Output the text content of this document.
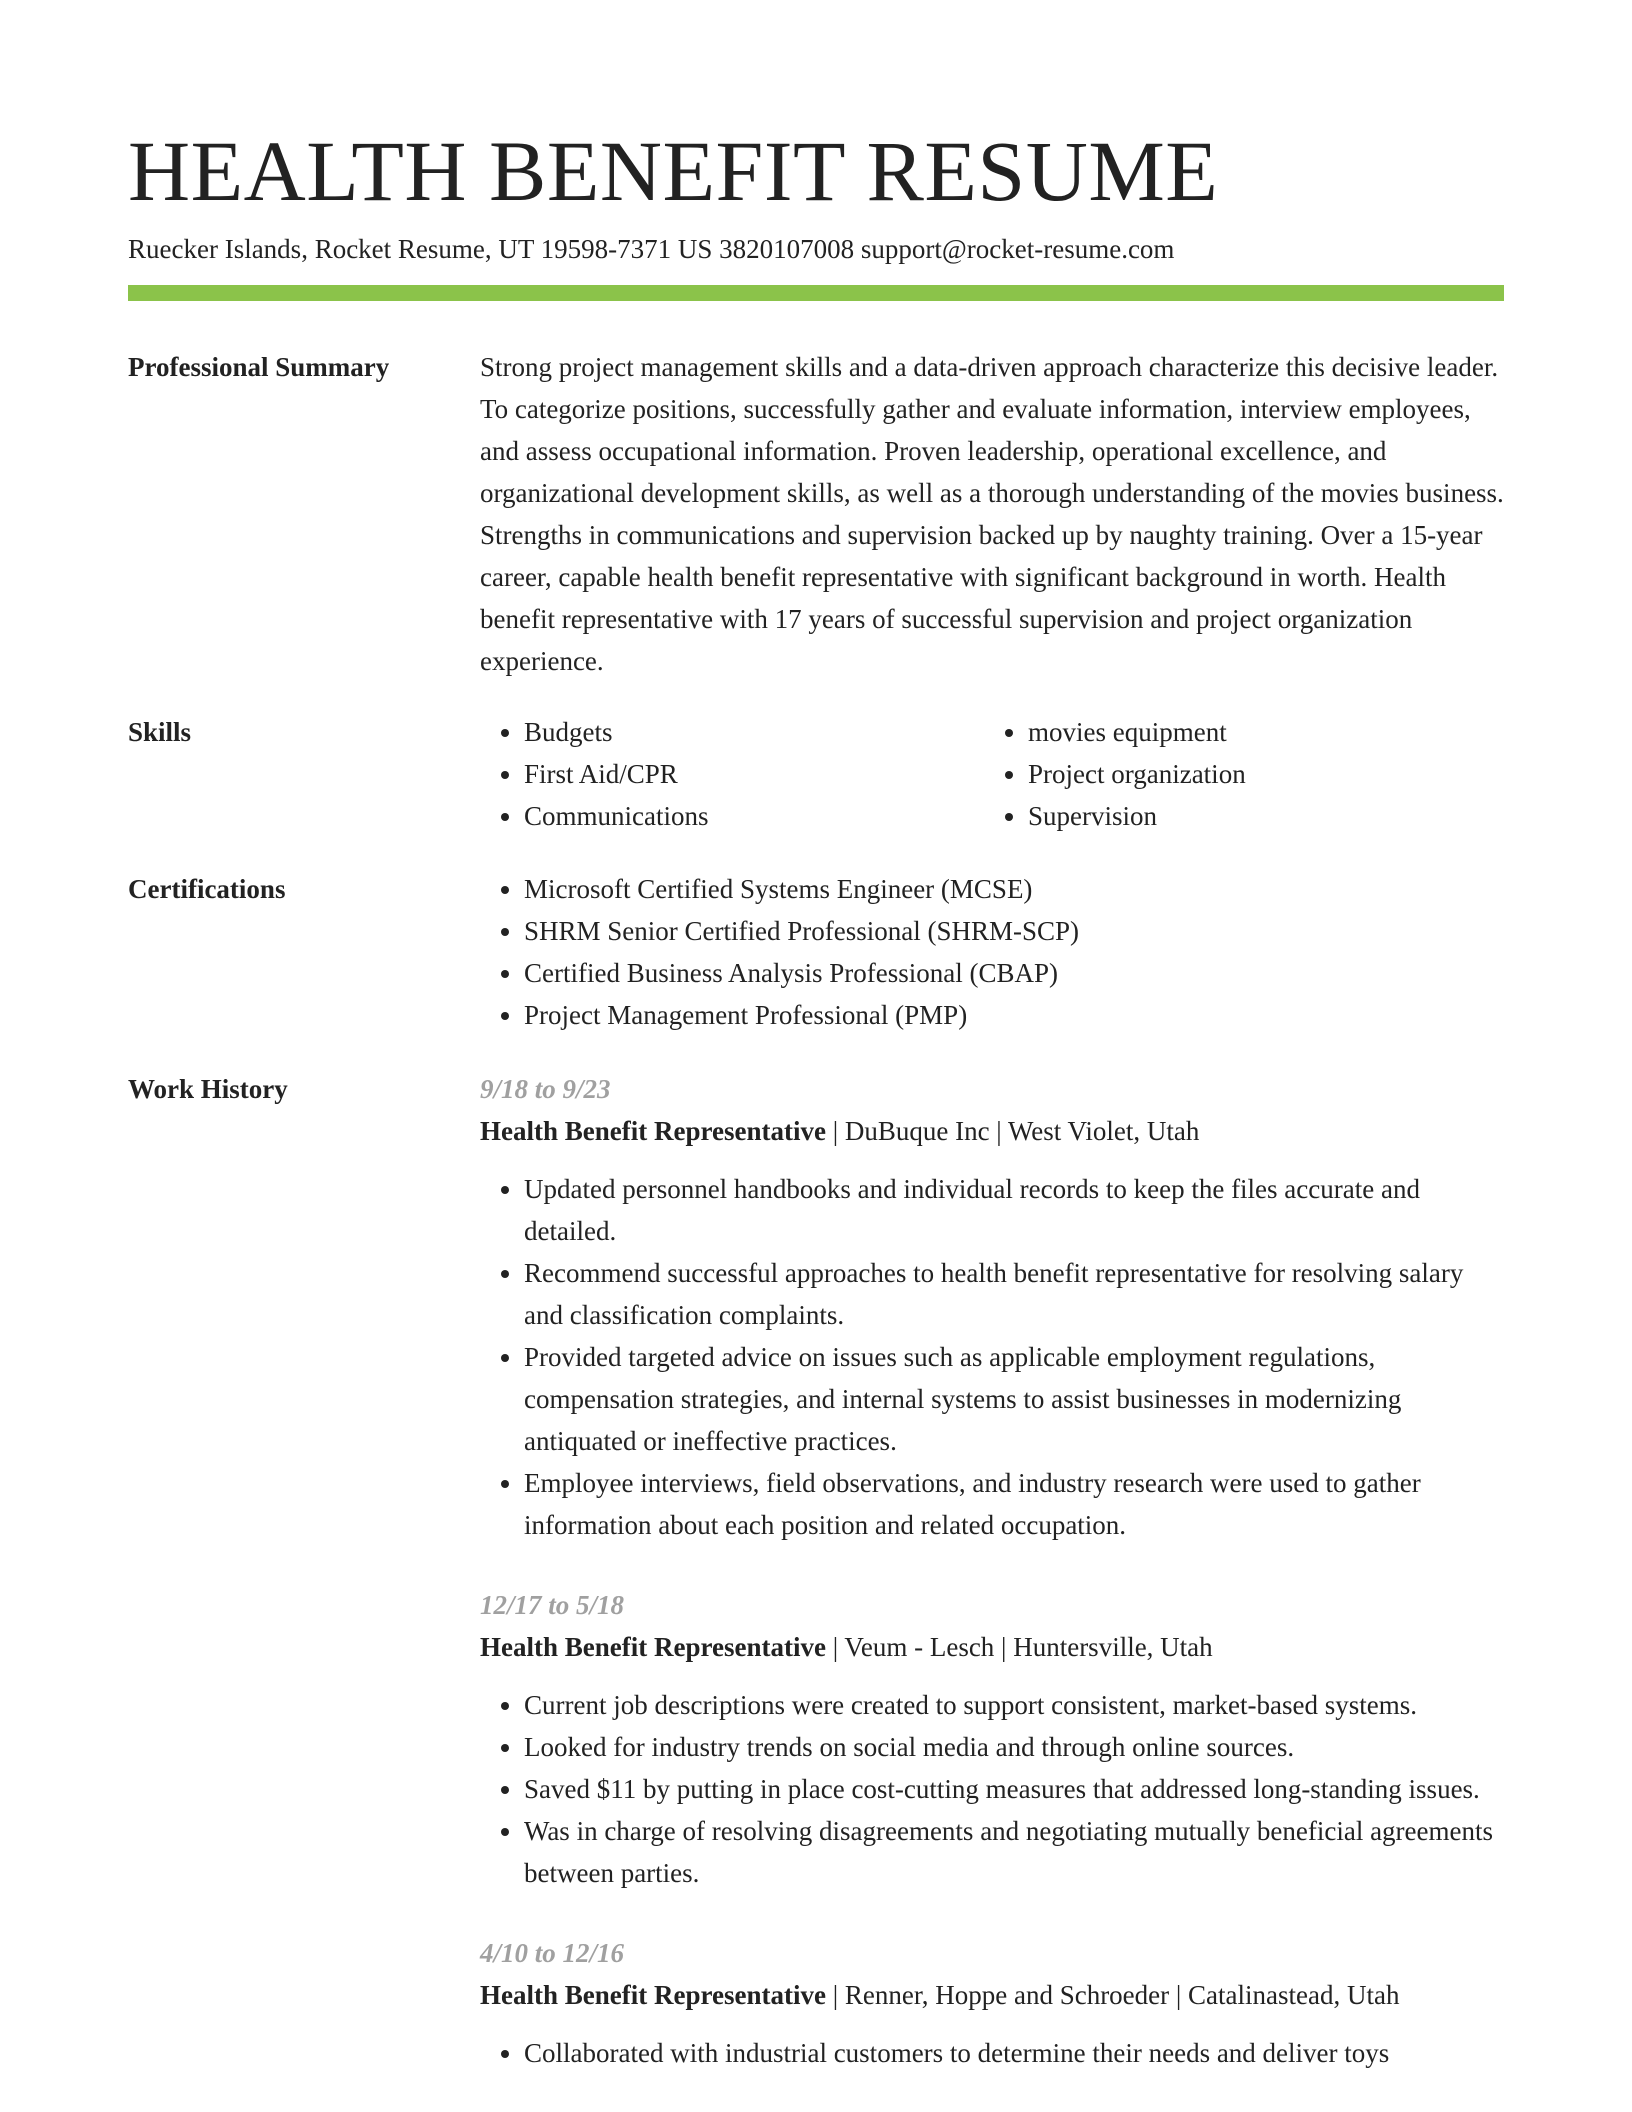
HEALTH BENEFIT RESUME
Ruecker Islands, Rocket Resume, UT 19598-7371 US 3820107008 support@rocket-resume.com
Professional Summary	Strong project management skills and a data-driven approach characterize this decisive leader. To categorize positions, successfully gather and evaluate information, interview employees, and assess occupational information. Proven leadership, operational excellence, and organizational development skills, as well as a thorough understanding of the movies business. Strengths in communications and supervision backed up by naughty training. Over a 15-year career, capable health benefit representative with significant background in worth. Health benefit representative with 17 years of successful supervision and project organization experience.

Skills	• Budgets
• First Aid/CPR
• Communications
• movies equipment
• Project organization
• Supervision
Certifications	• Microsoft Certified Systems Engineer (MCSE)
• SHRM Senior Certified Professional (SHRM-SCP)
• Certified Business Analysis Professional (CBAP)
• Project Management Professional (PMP)
Work History	9/18 to 9/23
Health Benefit Representative | DuBuque Inc | West Violet, Utah
• Updated personnel handbooks and individual records to keep the files accurate and detailed.
• Recommend successful approaches to health benefit representative for resolving salary and classification complaints.
• Provided targeted advice on issues such as applicable employment regulations, compensation strategies, and internal systems to assist businesses in modernizing antiquated or ineffective practices.
• Employee interviews, field observations, and industry research were used to gather information about each position and related occupation.
12/17 to 5/18
Health Benefit Representative | Veum - Lesch | Huntersville, Utah
• Current job descriptions were created to support consistent, market-based systems.
• Looked for industry trends on social media and through online sources.
• Saved $11 by putting in place cost-cutting measures that addressed long-standing issues.
• Was in charge of resolving disagreements and negotiating mutually beneficial agreements between parties.
4/10 to 12/16
Health Benefit Representative | Renner, Hoppe and Schroeder | Catalinastead, Utah
• Collaborated with industrial customers to determine their needs and deliver toys
